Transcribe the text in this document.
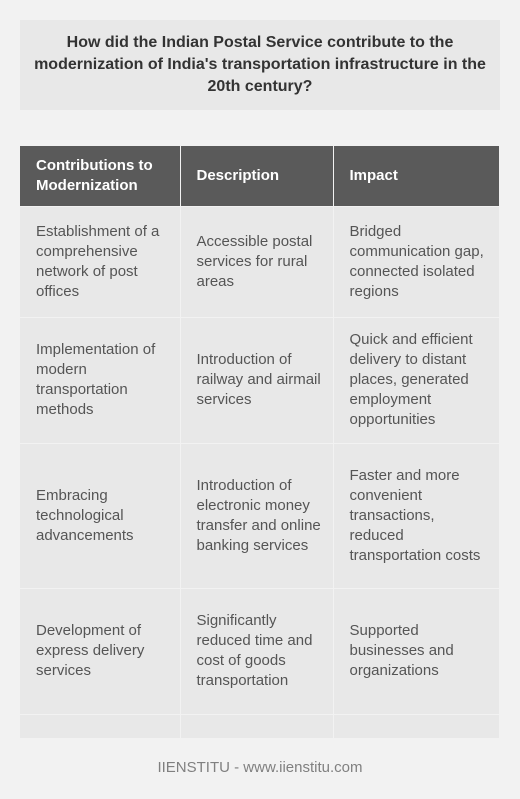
How did the Indian Postal Service contribute to the modernization of India's transportation infrastructure in the 20th century?
Contributions to Modernization	Description	Impact
Establishment of a comprehensive network of post offices	Accessible postal services for rural areas	Bridged communication gap, connected isolated regions
Implementation of modern transportation methods	Introduction of railway and airmail services	Quick and efficient delivery to distant places, generated employment opportunities
Embracing technological advancements	Introduction of electronic money transfer and online banking services	Faster and more convenient transactions, reduced transportation costs
Development of express delivery services	Significantly reduced time and cost of goods transportation	Supported businesses and organizations

IIENSTITU - www.iienstitu.com
